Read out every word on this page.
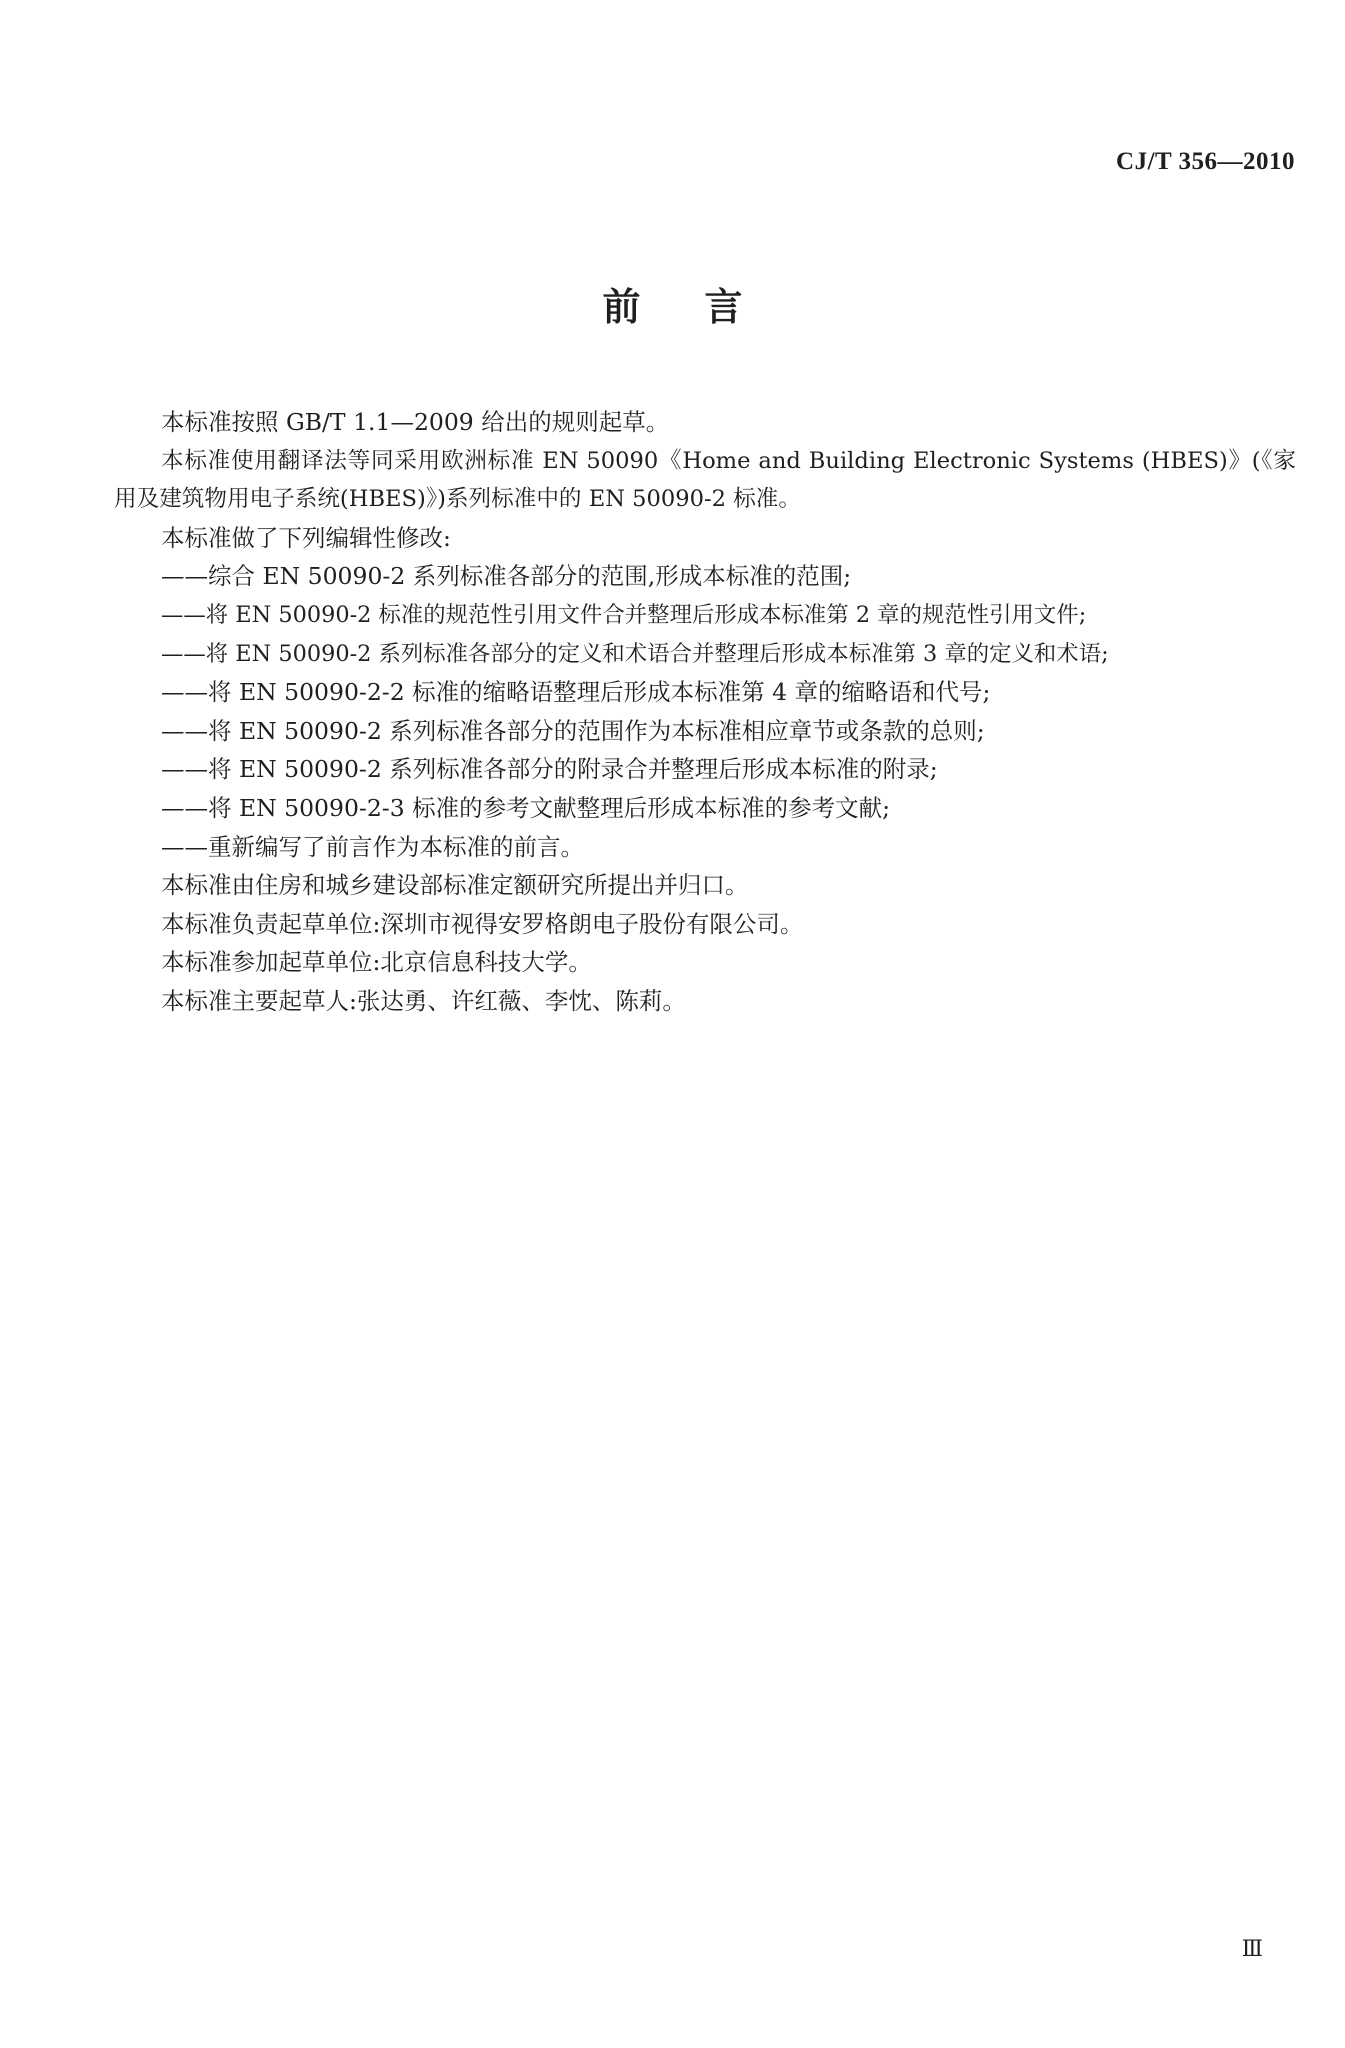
CJ/T 356—2010
前言

本标准按照 GB/T 1.1—2009 给出的规则起草。

本标准使用翻译法等同采用欧洲标准 EN 50090《Home and Building Electronic Systems (HBES)》(《家用及建筑物用电子系统(HBES)》)系列标准中的 EN 50090-2 标准。

本标准做了下列编辑性修改:

——综合 EN 50090-2 系列标准各部分的范围,形成本标准的范围;

——将 EN 50090-2 标准的规范性引用文件合并整理后形成本标准第 2 章的规范性引用文件;

——将 EN 50090-2 系列标准各部分的定义和术语合并整理后形成本标准第 3 章的定义和术语;

——将 EN 50090-2-2 标准的缩略语整理后形成本标准第 4 章的缩略语和代号;

——将 EN 50090-2 系列标准各部分的范围作为本标准相应章节或条款的总则;

——将 EN 50090-2 系列标准各部分的附录合并整理后形成本标准的附录;

——将 EN 50090-2-3 标准的参考文献整理后形成本标准的参考文献;

——重新编写了前言作为本标准的前言。

本标准由住房和城乡建设部标准定额研究所提出并归口。

本标准负责起草单位:深圳市视得安罗格朗电子股份有限公司。

本标准参加起草单位:北京信息科技大学。

本标准主要起草人:张达勇、许红薇、李忱、陈莉。

Ⅲ
